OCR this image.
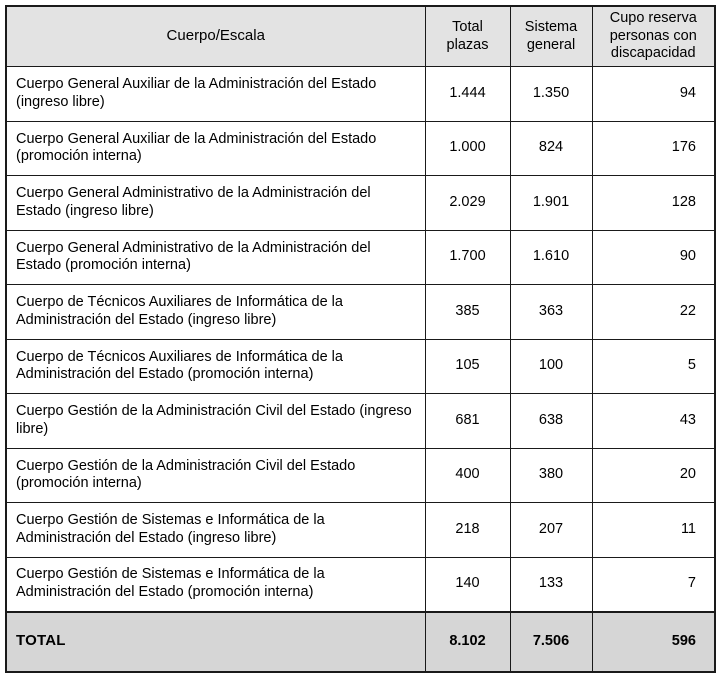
Cuerpo/Escala	Total plazas	Sistema general	Cupo reserva personas con discapacidad
Cuerpo General Auxiliar de la Administración del Estado (ingreso libre)	1.444	1.350	94
Cuerpo General Auxiliar de la Administración del Estado (promoción interna)	1.000	824	176
Cuerpo General Administrativo de la Administración del Estado (ingreso libre)	2.029	1.901	128
Cuerpo General Administrativo de la Administración del Estado (promoción interna)	1.700	1.610	90
Cuerpo de Técnicos Auxiliares de Informática de la Administración del Estado (ingreso libre)	385	363	22
Cuerpo de Técnicos Auxiliares de Informática de la Administración del Estado (promoción interna)	105	100	5
Cuerpo Gestión de la Administración Civil del Estado (ingreso libre)	681	638	43
Cuerpo Gestión de la Administración Civil del Estado (promoción interna)	400	380	20
Cuerpo Gestión de Sistemas e Informática de la Administración del Estado (ingreso libre)	218	207	11
Cuerpo Gestión de Sistemas e Informática de la Administración del Estado (promoción interna)	140	133	7
TOTAL	8.102	7.506	596
